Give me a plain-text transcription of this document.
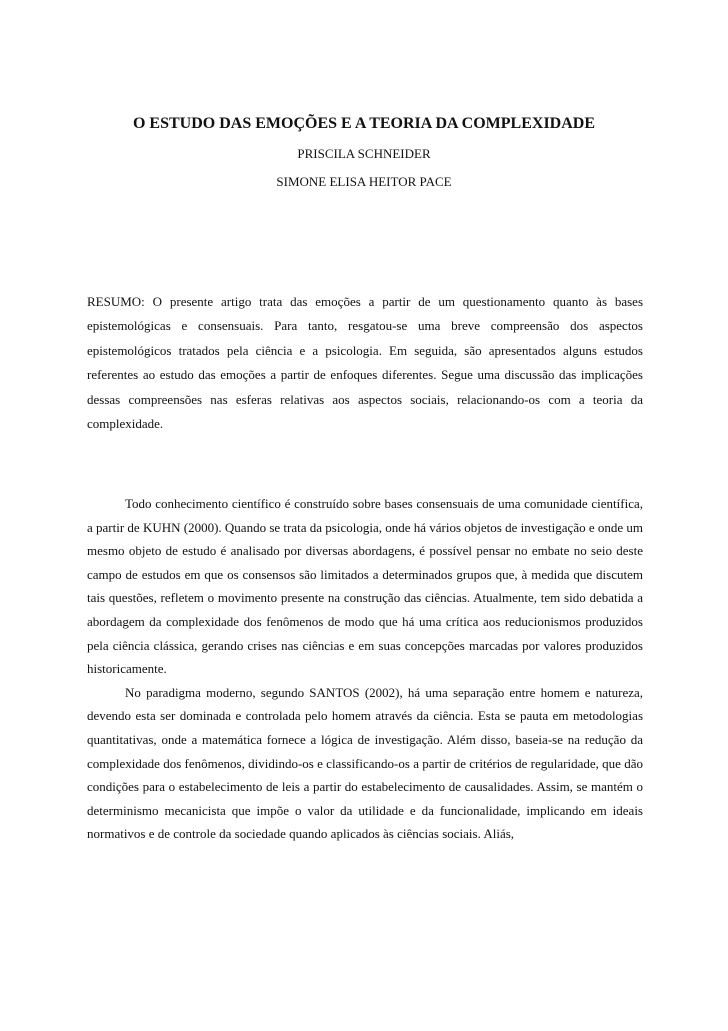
O ESTUDO DAS EMOÇÕES E A TEORIA DA COMPLEXIDADE
PRISCILA SCHNEIDER
SIMONE ELISA HEITOR PACE

RESUMO: O presente artigo trata das emoções a partir de um questionamento quanto às bases epistemológicas e consensuais. Para tanto, resgatou-se uma breve compreensão dos aspectos epistemológicos tratados pela ciência e a psicologia. Em seguida, são apresentados alguns estudos referentes ao estudo das emoções a partir de enfoques diferentes. Segue uma discussão das implicações dessas compreensões nas esferas relativas aos aspectos sociais, relacionando-os com a teoria da complexidade.

Todo conhecimento científico é construído sobre bases consensuais de uma comunidade científica, a partir de KUHN (2000). Quando se trata da psicologia, onde há vários objetos de investigação e onde um mesmo objeto de estudo é analisado por diversas abordagens, é possível pensar no embate no seio deste campo de estudos em que os consensos são limitados a determinados grupos que, à medida que discutem tais questões, refletem o movimento presente na construção das ciências. Atualmente, tem sido debatida a abordagem da complexidade dos fenômenos de modo que há uma crítica aos reducionismos produzidos pela ciência clássica, gerando crises nas ciências e em suas concepções marcadas por valores produzidos historicamente.

No paradigma moderno, segundo SANTOS (2002), há uma separação entre homem e natureza, devendo esta ser dominada e controlada pelo homem através da ciência. Esta se pauta em metodologias quantitativas, onde a matemática fornece a lógica de investigação. Além disso, baseia-se na redução da complexidade dos fenômenos, dividindo-os e classificando-os a partir de critérios de regularidade, que dão condições para o estabelecimento de leis a partir do estabelecimento de causalidades. Assim, se mantém o determinismo mecanicista que impõe o valor da utilidade e da funcionalidade, implicando em ideais normativos e de controle da sociedade quando aplicados às ciências sociais. Aliás,
